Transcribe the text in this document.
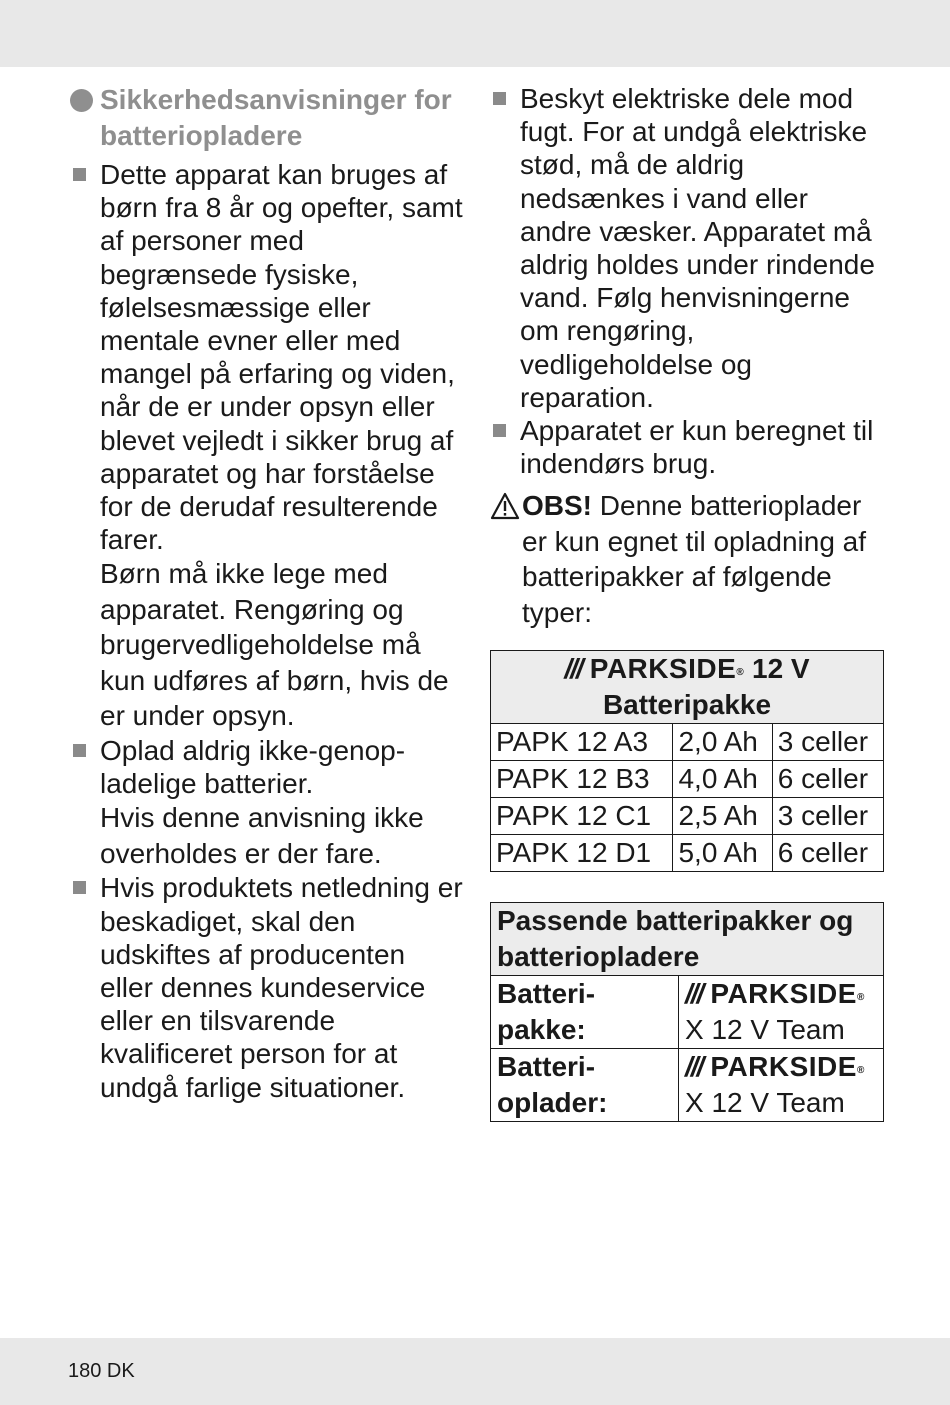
Sikkerhedsanvisninger for batteriopladere

Dette apparat kan bruges af børn fra 8 år og opefter, samt af personer med begrænsede fysiske, følelsesmæssige eller mentale evner eller med mangel på erfaring og viden, når de er under opsyn eller blevet vejledt i sikker brug af apparatet og har forståelse for de derudaf resulterende farer.

Børn må ikke lege med apparatet. Rengøring og brugervedligeholdelse må kun udføres af børn, hvis de er under opsyn.

Oplad aldrig ikke-genop-ladelige batterier.

Hvis denne anvisning ikke overholdes er der fare.

Hvis produktets netledning er beskadiget, skal den udskiftes af producenten eller dennes kundeservice eller en tilsvarende kvalificeret person for at undgå farlige situationer.

Beskyt elektriske dele mod fugt. For at undgå elektriske stød, må de aldrig nedsænkes i vand eller andre væsker. Apparatet må aldrig holdes under rindende vand. Følg henvisningerne om rengøring, vedligeholdelse og reparation.

Apparatet er kun beregnet til indendørs brug.

OBS! Denne batterioplader er kun egnet til opladning af batteripakker af følgende typer:
/// PARKSIDE® 12 V
Batteripakke		
PAPK 12 A3	2,0 Ah	3 celler
PAPK 12 B3	4,0 Ah	6 celler
PAPK 12 C1	2,5 Ah	3 celler
PAPK 12 D1	5,0 Ah	6 celler
Passende batteripakker og batteriopladere	
Batteri-pakke:	/// PARKSIDE®
X 12 V Team
Batteri-oplader:	/// PARKSIDE®
X 12 V Team
180 DK
